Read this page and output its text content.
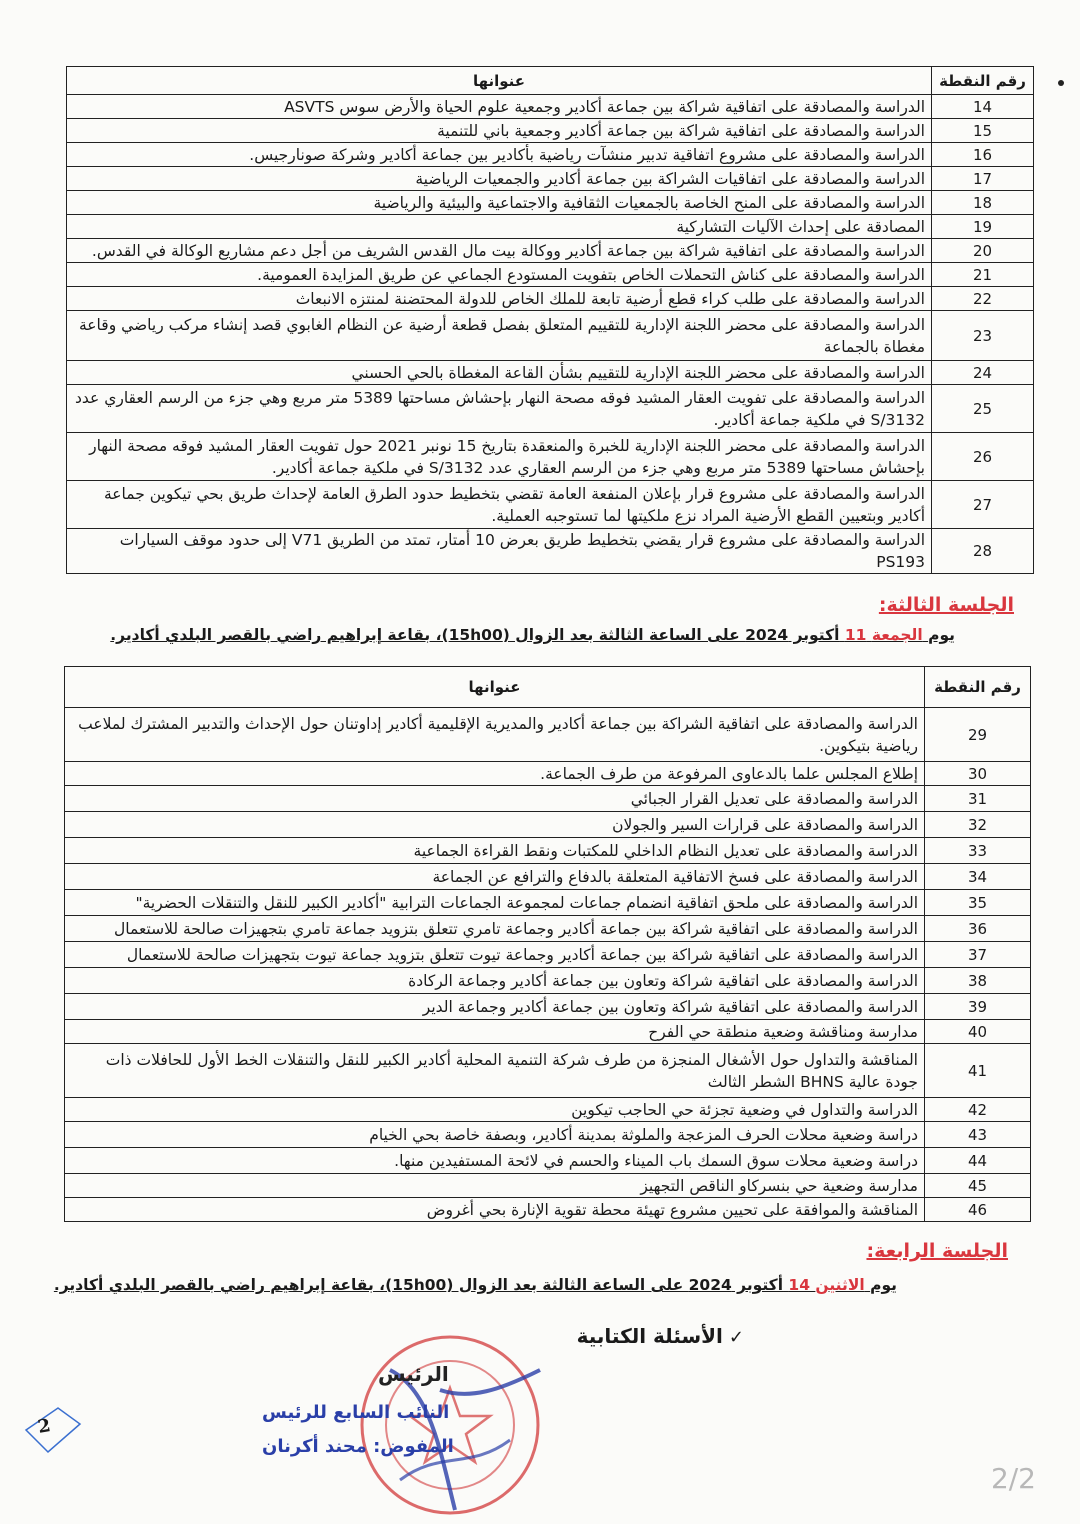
رقم النقطة	عنوانها
14	الدراسة والمصادقة على اتفاقية شراكة بين جماعة أكادير وجمعية علوم الحياة والأرض سوس ASVTS
15	الدراسة والمصادقة على اتفاقية شراكة بين جماعة أكادير وجمعية باني للتنمية
16	الدراسة والمصادقة على مشروع اتفاقية تدبير منشآت رياضية بأكادير بين جماعة أكادير وشركة صونارجيس.
17	الدراسة والمصادقة على اتفاقيات الشراكة بين جماعة أكادير والجمعيات الرياضية
18	الدراسة والمصادقة على المنح الخاصة بالجمعيات الثقافية والاجتماعية والبيئية والرياضية
19	المصادقة على إحداث الآليات التشاركية
20	الدراسة والمصادقة على اتفاقية شراكة بين جماعة أكادير ووكالة بيت مال القدس الشريف من أجل دعم مشاريع الوكالة في القدس.
21	الدراسة والمصادقة على كناش التحملات الخاص بتفويت المستودع الجماعي عن طريق المزايدة العمومية.
22	الدراسة والمصادقة على طلب كراء قطع أرضية تابعة للملك الخاص للدولة المحتضنة لمنتزه الانبعاث
23	الدراسة والمصادقة على محضر اللجنة الإدارية للتقييم المتعلق بفصل قطعة أرضية عن النظام الغابوي قصد إنشاء مركب رياضي وقاعة مغطاة بالجماعة
24	الدراسة والمصادقة على محضر اللجنة الإدارية للتقييم بشأن القاعة المغطاة بالحي الحسني
25	الدراسة والمصادقة على تفويت العقار المشيد فوقه مصحة النهار بإحشاش مساحتها 5389 متر مربع وهي جزء من الرسم العقاري عدد 3132/S في ملكية جماعة أكادير.
26	الدراسة والمصادقة على محضر اللجنة الإدارية للخبرة والمنعقدة بتاريخ 15 نونبر 2021 حول تفويت العقار المشيد فوقه مصحة النهار بإحشاش مساحتها 5389 متر مربع وهي جزء من الرسم العقاري عدد 3132/S في ملكية جماعة أكادير.
27	الدراسة والمصادقة على مشروع قرار بإعلان المنفعة العامة تقضي بتخطيط حدود الطرق العامة لإحداث طريق بحي تيكوين جماعة أكادير وبتعيين القطع الأرضية المراد نزع ملكيتها لما تستوجبه العملية.
28	الدراسة والمصادقة على مشروع قرار يقضي بتخطيط طريق بعرض 10 أمتار، تمتد من الطريق V71 إلى حدود موقف السيارات PS193
الجلسة الثالثة:
يوم الجمعة 11 أكتوبر 2024 على الساعة الثالثة بعد الزوال (15h00)، بقاعة إبراهيم راضي بالقصر البلدي أكادير.
رقم النقطة	عنوانها
29	الدراسة والمصادقة على اتفاقية الشراكة بين جماعة أكادير والمديرية الإقليمية أكادير إداوتنان حول الإحداث والتدبير المشترك لملاعب رياضية بتيكوين.
30	إطلاع المجلس علما بالدعاوى المرفوعة من طرف الجماعة.
31	الدراسة والمصادقة على تعديل القرار الجبائي
32	الدراسة والمصادقة على قرارات السير والجولان
33	الدراسة والمصادقة على تعديل النظام الداخلي للمكتبات ونقط القراءة الجماعية
34	الدراسة والمصادقة على فسخ الاتفاقية المتعلقة بالدفاع والترافع عن الجماعة
35	الدراسة والمصادقة على ملحق اتفاقية انضمام جماعات لمجموعة الجماعات الترابية "أكادير الكبير للنقل والتنقلات الحضرية"
36	الدراسة والمصادقة على اتفاقية شراكة بين جماعة أكادير وجماعة تامري تتعلق بتزويد جماعة تامري بتجهيزات صالحة للاستعمال
37	الدراسة والمصادقة على اتفاقية شراكة بين جماعة أكادير وجماعة تيوت تتعلق بتزويد جماعة تيوت بتجهيزات صالحة للاستعمال
38	الدراسة والمصادقة على اتفاقية شراكة وتعاون بين جماعة أكادير وجماعة الركادة
39	الدراسة والمصادقة على اتفاقية شراكة وتعاون بين جماعة أكادير وجماعة الدير
40	مدارسة ومناقشة وضعية منطقة حي الفرح
41	المناقشة والتداول حول الأشغال المنجزة من طرف شركة التنمية المحلية أكادير الكبير للنقل والتنقلات الخط الأول للحافلات ذات جودة عالية BHNS الشطر الثالث
42	الدراسة والتداول في وضعية تجزئة حي الحاجب تيكوين
43	دراسة وضعية محلات الحرف المزعجة والملوثة بمدينة أكادير، وبصفة خاصة بحي الخيام
44	دراسة وضعية محلات سوق السمك باب الميناء والحسم في لائحة المستفيدين منها.
45	مدارسة وضعية حي بنسركاو الناقص التجهيز
46	المناقشة والموافقة على تحيين مشروع تهيئة محطة تقوية الإنارة بحي أغروض
الجلسة الرابعة:
يوم الاثنين 14 أكتوبر 2024 على الساعة الثالثة بعد الزوال (15h00)، بقاعة إبراهيم راضي بالقصر البلدي أكادير.
✓الأسئلة الكتابية
الرئيس
النائب السابع للرئيس
المفوض: محند أكرنان
2
2/2
